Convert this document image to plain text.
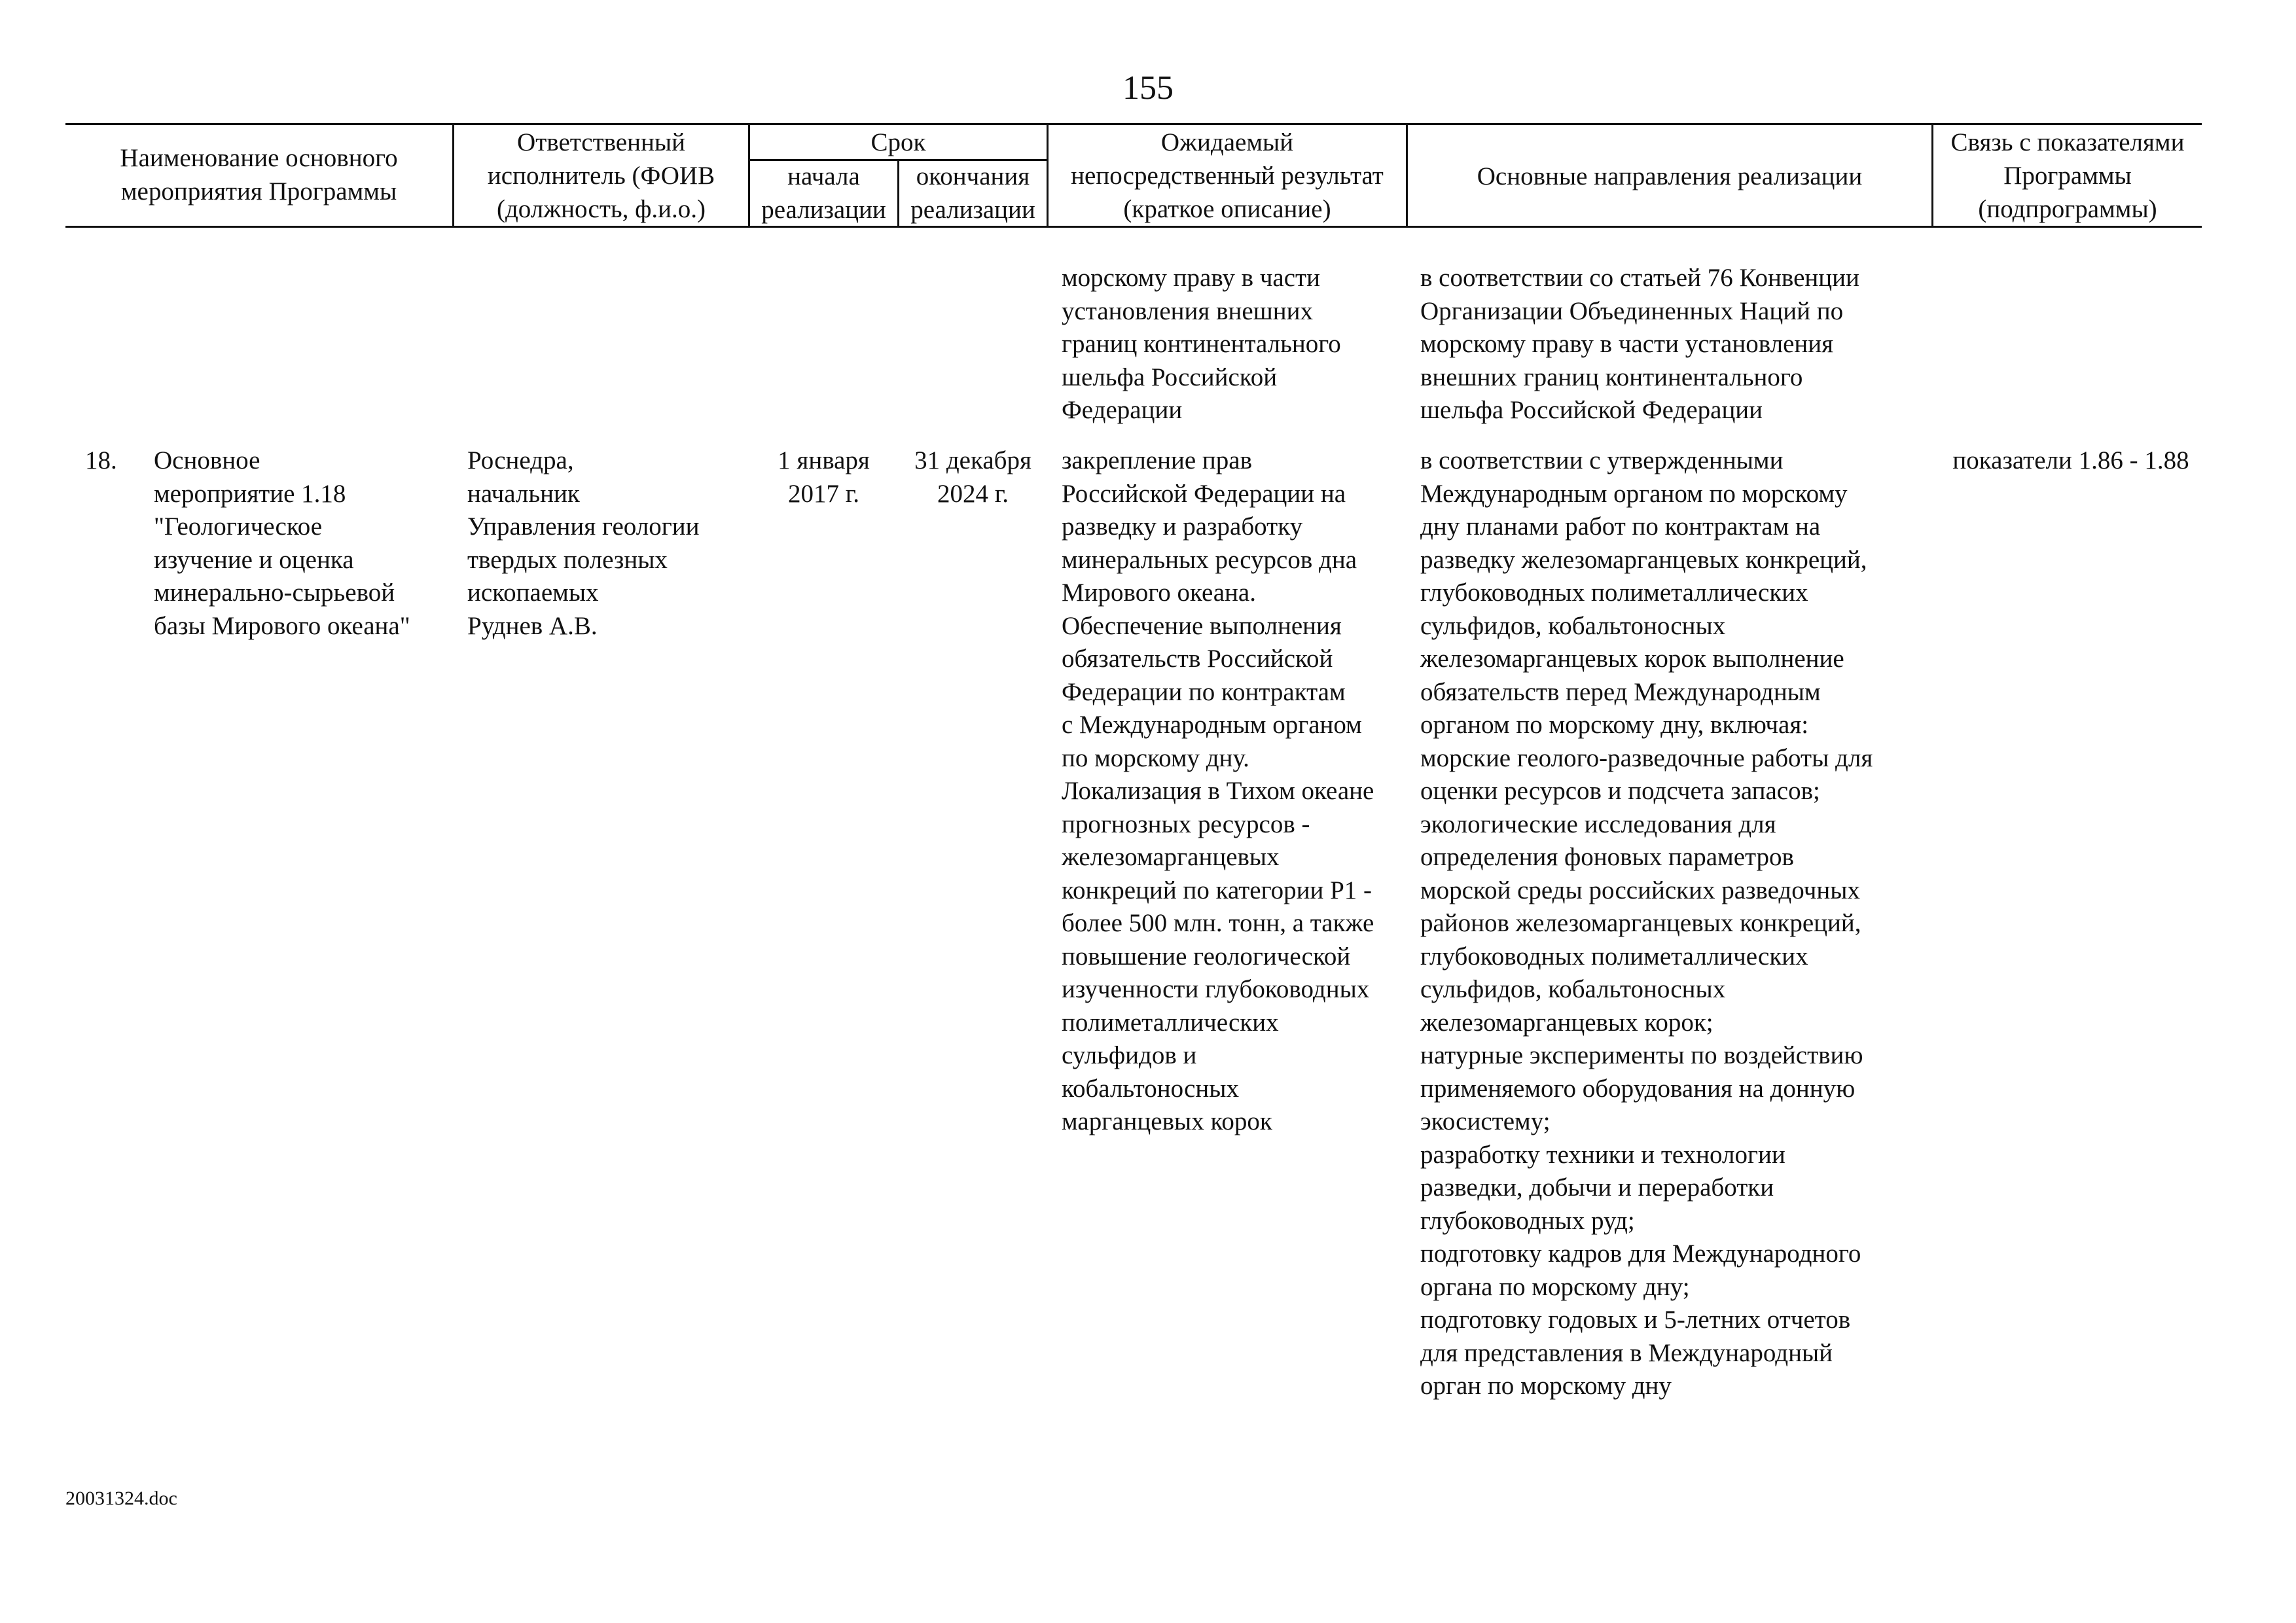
155
Наименование основного
мероприятия Программы
Ответственный
исполнитель (ФОИВ
(должность, ф.и.о.)
Срок
начала
реализации
окончания
реализации
Ожидаемый
непосредственный результат
(краткое описание)
Основные направления реализации
Связь с показателями
Программы
(подпрограммы)
морскому праву в части
установления внешних
границ континентального
шельфа Российской
Федерации
в соответствии со статьей 76 Конвенции
Организации Объединенных Наций по
морскому праву в части установления
внешних границ континентального
шельфа Российской Федерации
18.	Основное
мероприятие 1.18
"Геологическое
изучение и оценка
минерально-сырьевой
базы Мирового океана"
Роснедра,
начальник
Управления геологии
твердых полезных
ископаемых
Руднев А.В.
1 января
2017 г.
31 декабря
2024 г.
закрепление прав
Российской Федерации на
разведку и разработку
минеральных ресурсов дна
Мирового океана.
Обеспечение выполнения
обязательств Российской
Федерации по контрактам
с Международным органом
по морскому дну.
Локализация в Тихом океане
прогнозных ресурсов -
железомарганцевых
конкреций по категории Р1 -
более 500 млн. тонн, а также
повышение геологической
изученности глубоководных
полиметаллических
сульфидов и
кобальтоносных
марганцевых корок
в соответствии с утвержденными
Международным органом по морскому
дну планами работ по контрактам на
разведку железомарганцевых конкреций,
глубоководных полиметаллических
сульфидов, кобальтоносных
железомарганцевых корок выполнение
обязательств перед Международным
органом по морскому дну, включая:
морские геолого-разведочные работы для
оценки ресурсов и подсчета запасов;
экологические исследования для
определения фоновых параметров
морской среды российских разведочных
районов железомарганцевых конкреций,
глубоководных полиметаллических
сульфидов, кобальтоносных
железомарганцевых корок;
натурные эксперименты по воздействию
применяемого оборудования на донную
экосистему;
разработку техники и технологии
разведки, добычи и переработки
глубоководных руд;
подготовку кадров для Международного
органа по морскому дну;
подготовку годовых и 5-летних отчетов
для представления в Международный
орган по морскому дну
показатели 1.86 - 1.88
20031324.doc
